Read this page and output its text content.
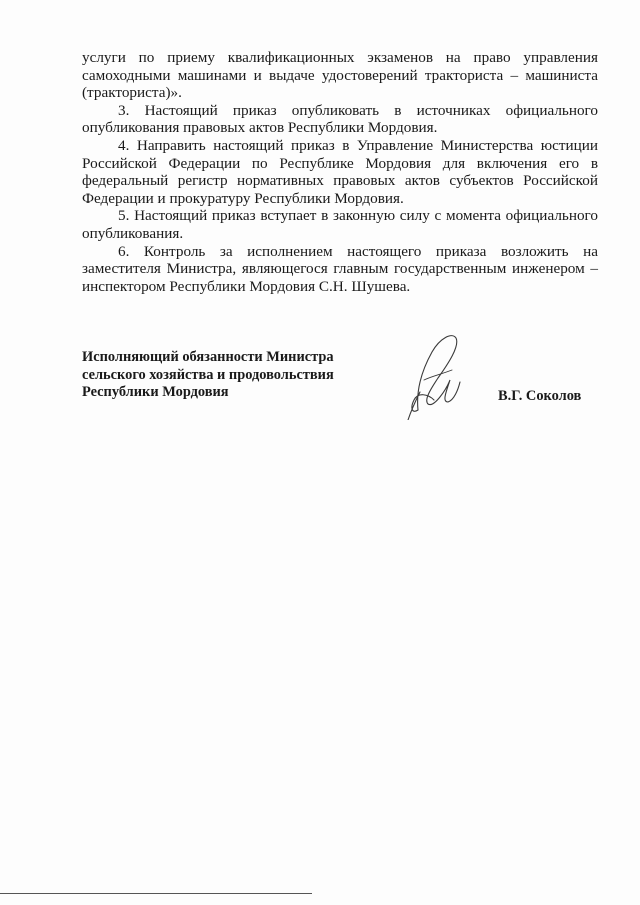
услуги по приему квалификационных экзаменов на право управления самоходными машинами и выдаче удостоверений тракториста – машиниста (тракториста)».

3. Настоящий приказ опубликовать в источниках официального опубликования правовых актов Республики Мордовия.

4. Направить настоящий приказ в Управление Министерства юстиции Российской Федерации по Республике Мордовия для включения его в федеральный регистр нормативных правовых актов субъектов Российской Федерации и прокуратуру Республики Мордовия.

5. Настоящий приказ вступает в законную силу с момента официального опубликования.

6. Контроль за исполнением настоящего приказа возложить на заместителя Министра, являющегося главным государственным инженером – инспектором Республики Мордовия С.Н. Шушева.

Исполняющий обязанности Министра
сельского хозяйства и продовольствия
Республики Мордовия	В.Г. Соколов
